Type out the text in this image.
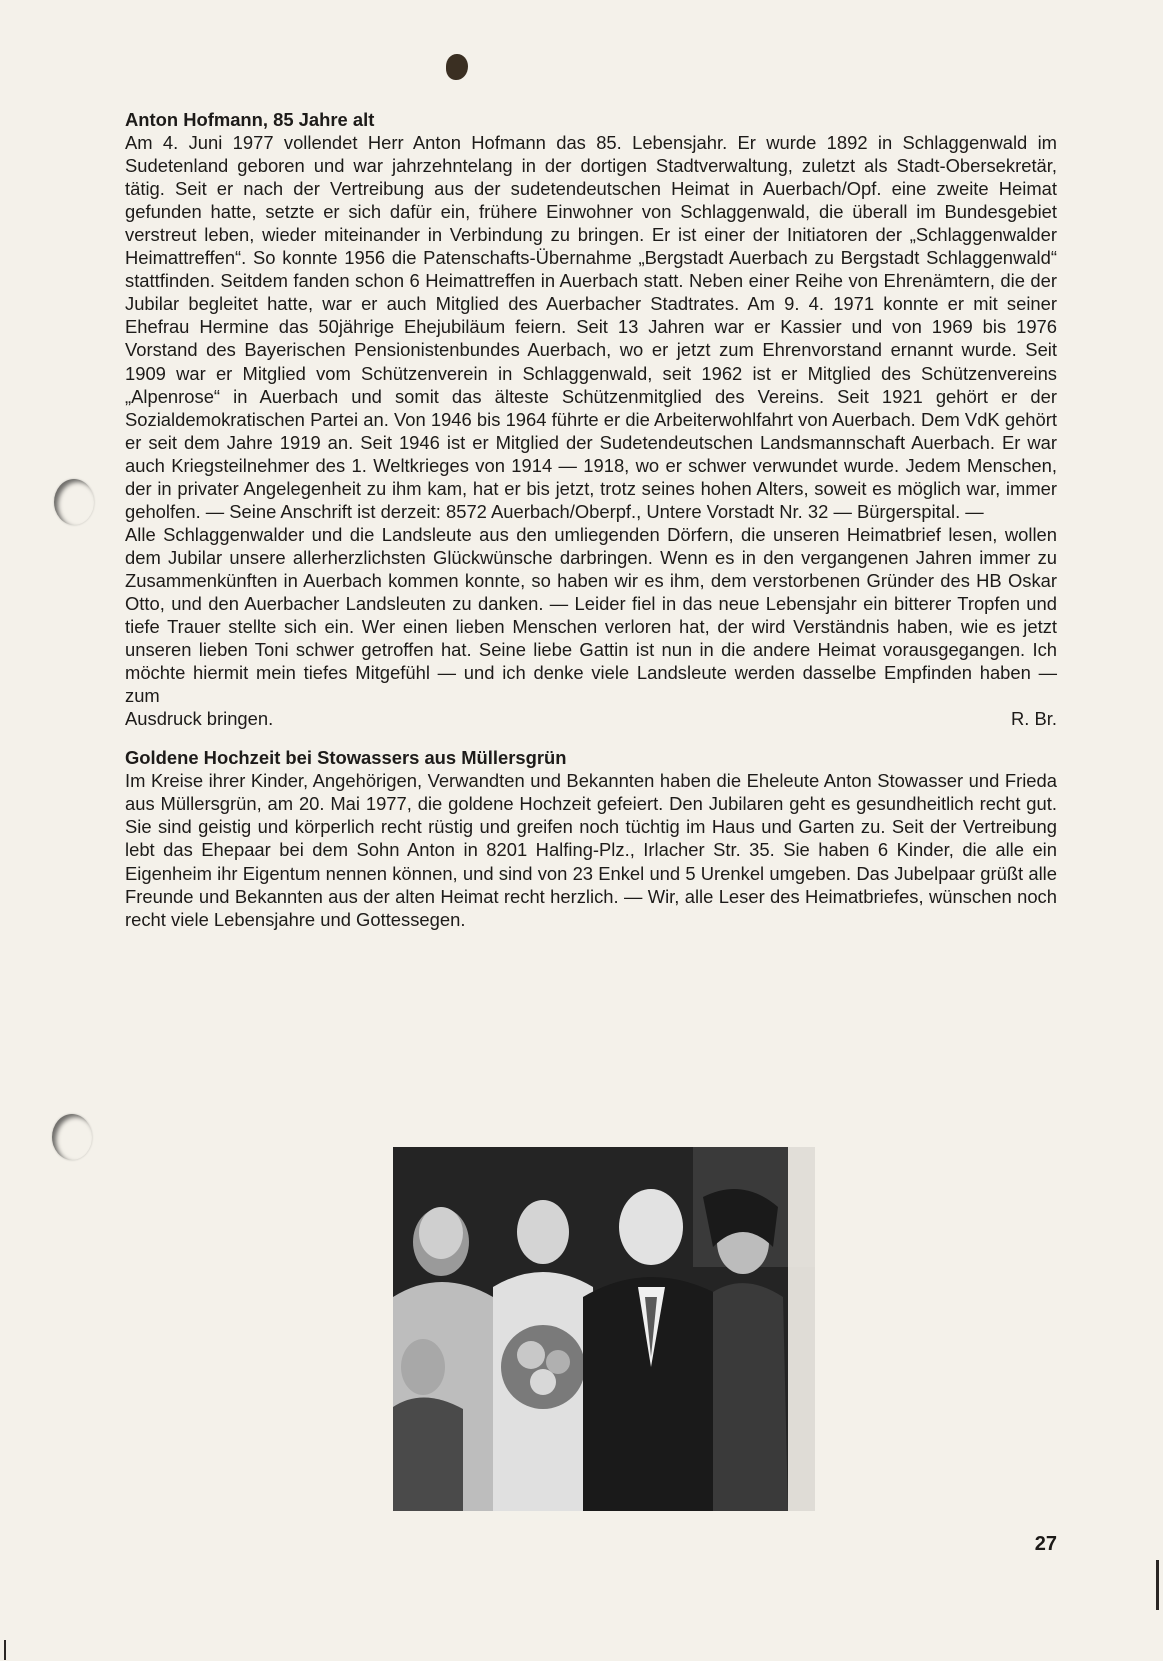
Anton Hofmann, 85 Jahre alt

Am 4. Juni 1977 vollendet Herr Anton Hofmann das 85. Lebensjahr. Er wurde 1892 in Schlaggenwald im Sudetenland geboren und war jahrzehntelang in der dortigen Stadtverwaltung, zuletzt als Stadt-Obersekretär, tätig. Seit er nach der Vertreibung aus der sudetendeutschen Heimat in Auerbach/Opf. eine zweite Heimat gefunden hatte, setzte er sich dafür ein, frühere Einwohner von Schlaggenwald, die überall im Bundesgebiet verstreut leben, wieder miteinander in Verbindung zu bringen. Er ist einer der Initiatoren der „Schlaggenwalder Heimattreffen“. So konnte 1956 die Patenschafts-Übernahme „Bergstadt Auerbach zu Bergstadt Schlaggenwald“ stattfinden. Seitdem fanden schon 6 Heimattreffen in Auerbach statt. Neben einer Reihe von Ehrenämtern, die der Jubilar begleitet hatte, war er auch Mitglied des Auerbacher Stadtrates. Am 9. 4. 1971 konnte er mit seiner Ehefrau Hermine das 50jährige Ehejubiläum feiern. Seit 13 Jahren war er Kassier und von 1969 bis 1976 Vorstand des Bayerischen Pensionistenbundes Auerbach, wo er jetzt zum Ehrenvorstand ernannt wurde. Seit 1909 war er Mitglied vom Schützenverein in Schlaggenwald, seit 1962 ist er Mitglied des Schützenvereins „Alpenrose“ in Auerbach und somit das älteste Schützenmitglied des Vereins. Seit 1921 gehört er der Sozialdemokratischen Partei an. Von 1946 bis 1964 führte er die Arbeiterwohlfahrt von Auerbach. Dem VdK gehört er seit dem Jahre 1919 an. Seit 1946 ist er Mitglied der Sudetendeutschen Landsmannschaft Auerbach. Er war auch Kriegsteilnehmer des 1. Weltkrieges von 1914 — 1918, wo er schwer verwundet wurde. Jedem Menschen, der in privater Angelegenheit zu ihm kam, hat er bis jetzt, trotz seines hohen Alters, soweit es möglich war, immer geholfen. — Seine Anschrift ist derzeit: 8572 Auerbach/Oberpf., Untere Vorstadt Nr. 32 — Bürgerspital. —

Alle Schlaggenwalder und die Landsleute aus den umliegenden Dörfern, die unseren Heimatbrief lesen, wollen dem Jubilar unsere allerherzlichsten Glückwünsche darbringen. Wenn es in den vergangenen Jahren immer zu Zusammenkünften in Auerbach kommen konnte, so haben wir es ihm, dem verstorbenen Gründer des HB Oskar Otto, und den Auerbacher Landsleuten zu danken. — Leider fiel in das neue Lebensjahr ein bitterer Tropfen und tiefe Trauer stellte sich ein. Wer einen lieben Menschen verloren hat, der wird Verständnis haben, wie es jetzt unseren lieben Toni schwer getroffen hat. Seine liebe Gattin ist nun in die andere Heimat vorausgegangen. Ich möchte hiermit mein tiefes Mitgefühl — und ich denke viele Landsleute werden dasselbe Empfinden haben — zum

Ausdruck bringen.	R. Br.
Goldene Hochzeit bei Stowassers aus Müllersgrün

Im Kreise ihrer Kinder, Angehörigen, Verwandten und Bekannten haben die Eheleute Anton Stowasser und Frieda aus Müllersgrün, am 20. Mai 1977, die goldene Hochzeit gefeiert. Den Jubilaren geht es gesundheitlich recht gut. Sie sind geistig und körperlich recht rüstig und greifen noch tüchtig im Haus und Garten zu. Seit der Vertreibung lebt das Ehepaar bei dem Sohn Anton in 8201 Halfing-Plz., Irlacher Str. 35. Sie haben 6 Kinder, die alle ein Eigenheim ihr Eigentum nennen können, und sind von 23 Enkel und 5 Urenkel umgeben. Das Jubelpaar grüßt alle Freunde und Bekannten aus der alten Heimat recht herzlich. — Wir, alle Leser des Heimatbriefes, wünschen noch recht viele Lebensjahre und Gottessegen.

27
